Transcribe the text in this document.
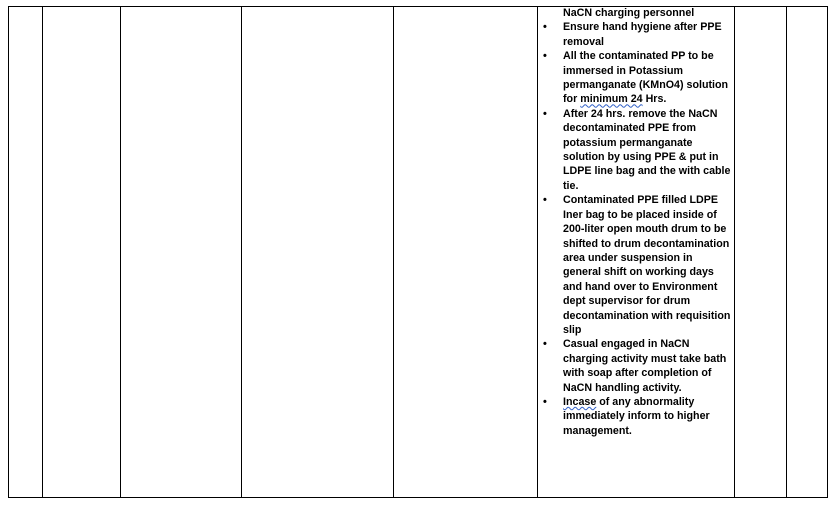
NaCN charging personnel
• Ensure hand hygiene after PPE removal
• All the contaminated PP to be immersed in Potassium permanganate (KMnO4) solution for minimum 24 Hrs.
• After 24 hrs. remove the NaCN decontaminated PPE from potassium permanganate solution by using PPE & put in LDPE line bag and the with cable tie.
• Contaminated PPE filled LDPE Iner bag to be placed inside of 200-liter open mouth drum to be shifted to drum decontamination area under suspension in general shift on working days and hand over to Environment dept supervisor for drum decontamination with requisition slip
• Casual engaged in NaCN charging activity must take bath with soap after completion of NaCN handling activity.
• Incase of any abnormality immediately inform to higher management.
